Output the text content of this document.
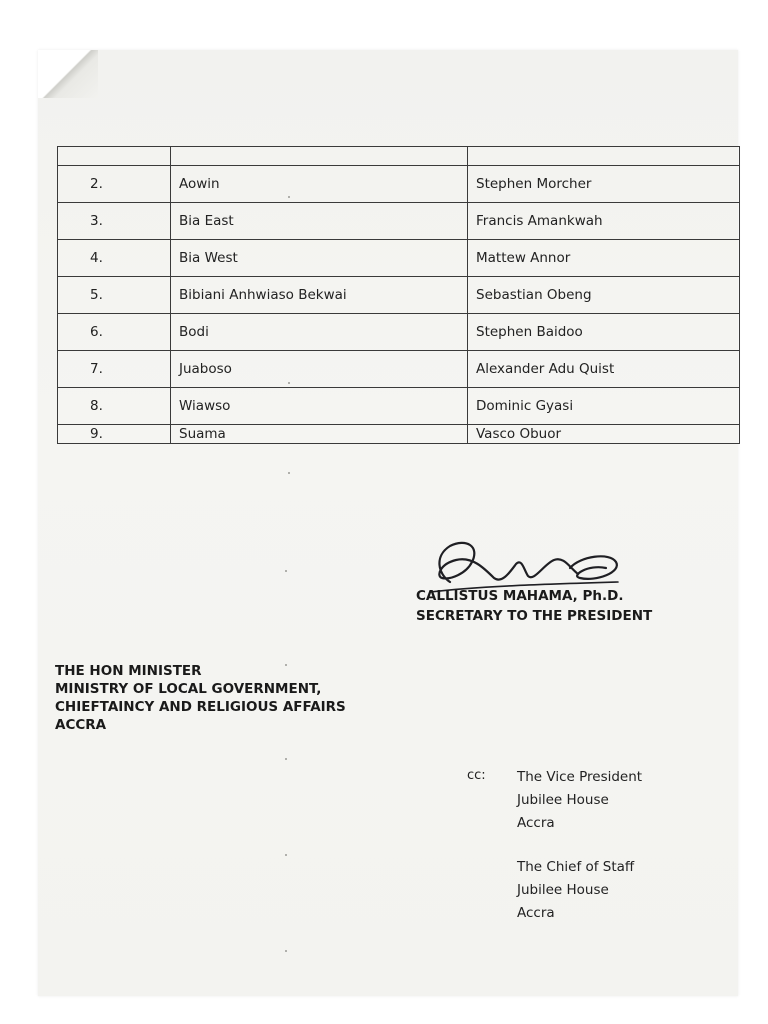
2.	Aowin	Stephen Morcher
3.	Bia East	Francis Amankwah
4.	Bia West	Mattew Annor
5.	Bibiani Anhwiaso Bekwai	Sebastian Obeng
6.	Bodi	Stephen Baidoo
7.	Juaboso	Alexander Adu Quist
8.	Wiawso	Dominic Gyasi
9.	Suama	Vasco Obuor
CALLISTUS MAHAMA, Ph.D.
SECRETARY TO THE PRESIDENT
THE HON MINISTER
MINISTRY OF LOCAL GOVERNMENT,
CHIEFTAINCY AND RELIGIOUS AFFAIRS
ACCRA
cc: The Vice President
Jubilee House
Accra
The Chief of Staff
Jubilee House
Accra
